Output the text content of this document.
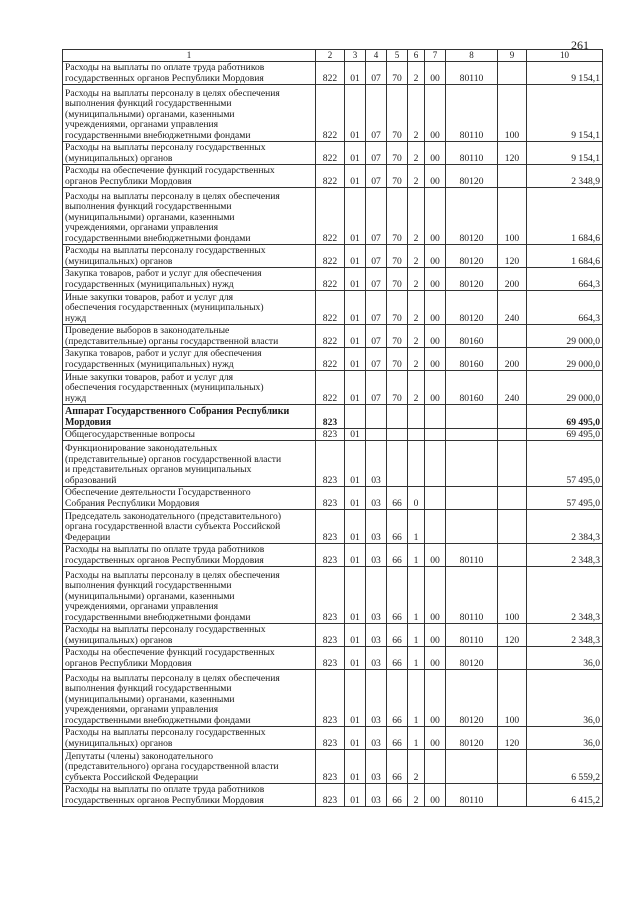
261
1	2	3	4	5	6	7	8	9	10
Расходы на выплаты по оплате труда работников
государственных органов Республики Мордовия	822	01	07	70	2	00	80110		9 154,1
Расходы на выплаты персоналу в целях обеспечения
выполнения функций государственными
(муниципальными) органами, казенными
учреждениями, органами управления
государственными внебюджетными фондами	822	01	07	70	2	00	80110	100	9 154,1
Расходы на выплаты персоналу государственных
(муниципальных) органов	822	01	07	70	2	00	80110	120	9 154,1
Расходы на обеспечение функций государственных
органов Республики Мордовия	822	01	07	70	2	00	80120		2 348,9
Расходы на выплаты персоналу в целях обеспечения
выполнения функций государственными
(муниципальными) органами, казенными
учреждениями, органами управления
государственными внебюджетными фондами	822	01	07	70	2	00	80120	100	1 684,6
Расходы на выплаты персоналу государственных
(муниципальных) органов	822	01	07	70	2	00	80120	120	1 684,6
Закупка товаров, работ и услуг для обеспечения
государственных (муниципальных) нужд	822	01	07	70	2	00	80120	200	664,3
Иные закупки товаров, работ и услуг для
обеспечения государственных (муниципальных)
нужд	822	01	07	70	2	00	80120	240	664,3
Проведение выборов в законодательные
(представительные) органы государственной власти	822	01	07	70	2	00	80160		29 000,0
Закупка товаров, работ и услуг для обеспечения
государственных (муниципальных) нужд	822	01	07	70	2	00	80160	200	29 000,0
Иные закупки товаров, работ и услуг для
обеспечения государственных (муниципальных)
нужд	822	01	07	70	2	00	80160	240	29 000,0
Аппарат Государственного Собрания Республики
Мордовия	823								69 495,0
Общегосударственные вопросы	823	01							69 495,0
Функционирование законодательных
(представительные) органов государственной власти
и представительных органов муниципальных
образований	823	01	03						57 495,0
Обеспечение деятельности Государственного
Собрания Республики Мордовия	823	01	03	66	0				57 495,0
Председатель законодательного (представительного)
органа государственной власти субъекта Российской
Федерации	823	01	03	66	1				2 384,3
Расходы на выплаты по оплате труда работников
государственных органов Республики Мордовия	823	01	03	66	1	00	80110		2 348,3
Расходы на выплаты персоналу в целях обеспечения
выполнения функций государственными
(муниципальными) органами, казенными
учреждениями, органами управления
государственными внебюджетными фондами	823	01	03	66	1	00	80110	100	2 348,3
Расходы на выплаты персоналу государственных
(муниципальных) органов	823	01	03	66	1	00	80110	120	2 348,3
Расходы на обеспечение функций государственных
органов Республики Мордовия	823	01	03	66	1	00	80120		36,0
Расходы на выплаты персоналу в целях обеспечения
выполнения функций государственными
(муниципальными) органами, казенными
учреждениями, органами управления
государственными внебюджетными фондами	823	01	03	66	1	00	80120	100	36,0
Расходы на выплаты персоналу государственных
(муниципальных) органов	823	01	03	66	1	00	80120	120	36,0
Депутаты (члены) законодательного
(представительного) органа государственной власти
субъекта Российской Федерации	823	01	03	66	2				6 559,2
Расходы на выплаты по оплате труда работников
государственных органов Республики Мордовия	823	01	03	66	2	00	80110		6 415,2
